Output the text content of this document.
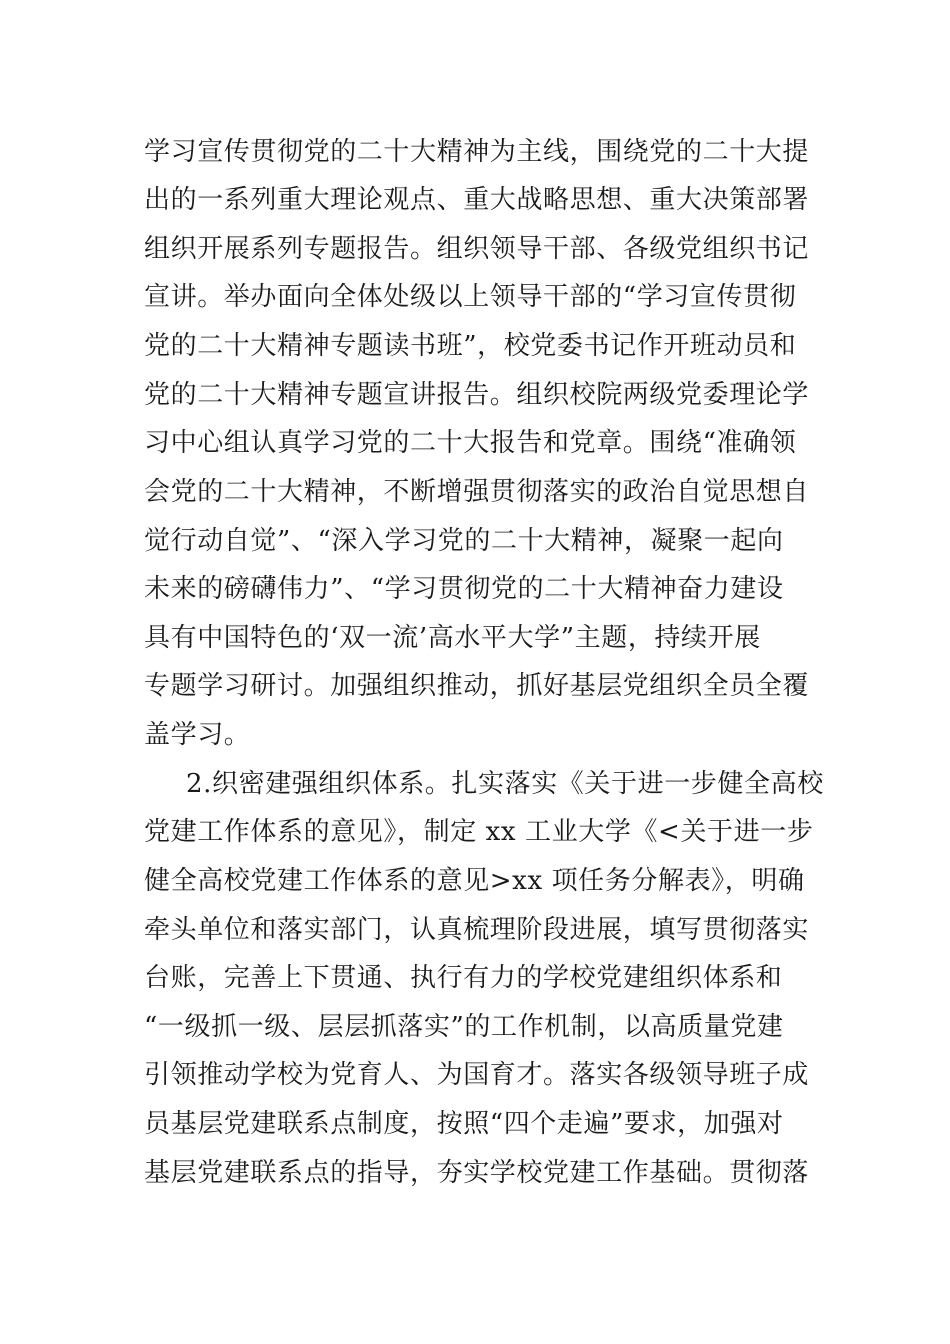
学习宣传贯彻党的二十大精神为主线，围绕党的二十大提
出的一系列重大理论观点、重大战略思想、重大决策部署
组织开展系列专题报告。组织领导干部、各级党组织书记
宣讲。举办面向全体处级以上领导干部的“学习宣传贯彻
党的二十大精神专题读书班”，校党委书记作开班动员和
党的二十大精神专题宣讲报告。组织校院两级党委理论学
习中心组认真学习党的二十大报告和党章。围绕“准确领
会党的二十大精神，不断增强贯彻落实的政治自觉思想自
觉行动自觉”、“深入学习党的二十大精神，凝聚一起向
未来的磅礴伟力”、“学习贯彻党的二十大精神奋力建设
具有中国特色的‘双一流’高水平大学”主题，持续开展
专题学习研讨。加强组织推动，抓好基层党组织全员全覆
盖学习。
2.织密建强组织体系。扎实落实《关于进一步健全高校
党建工作体系的意见》，制定 xx 工业大学《<关于进一步
健全高校党建工作体系的意见>xx 项任务分解表》，明确
牵头单位和落实部门，认真梳理阶段进展，填写贯彻落实
台账，完善上下贯通、执行有力的学校党建组织体系和
“一级抓一级、层层抓落实”的工作机制，以高质量党建
引领推动学校为党育人、为国育才。落实各级领导班子成
员基层党建联系点制度，按照“四个走遍”要求，加强对
基层党建联系点的指导，夯实学校党建工作基础。贯彻落
